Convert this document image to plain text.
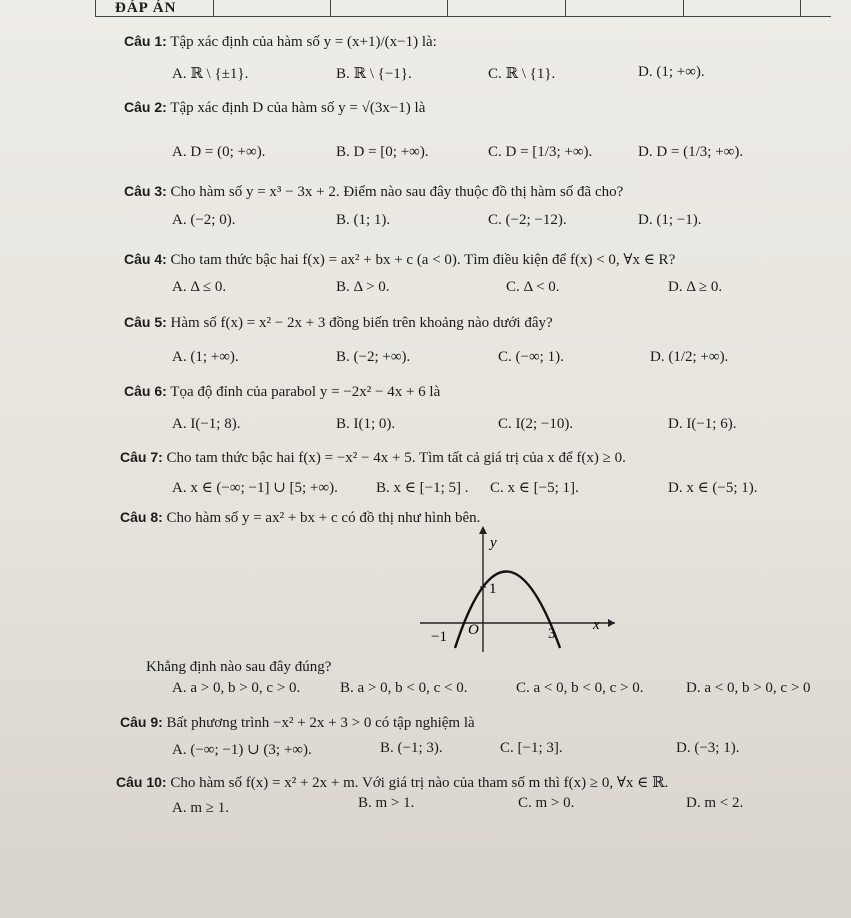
ĐÁP ÁN
Câu 1: Tập xác định của hàm số y = (x+1)/(x−1) là:
A. ℝ \ {±1}.	B. ℝ \ {−1}.	C. ℝ \ {1}.	D. (1; +∞).
Câu 2: Tập xác định D của hàm số y = √(3x−1) là
A. D = (0; +∞).	B. D = [0; +∞).	C. D = [1/3; +∞).	D. D = (1/3; +∞).
Câu 3: Cho hàm số y = x³ − 3x + 2. Điểm nào sau đây thuộc đồ thị hàm số đã cho?
A. (−2; 0).	B. (1; 1).	C. (−2; −12).	D. (1; −1).
Câu 4: Cho tam thức bậc hai f(x) = ax² + bx + c (a < 0). Tìm điều kiện để f(x) < 0, ∀x ∈ R?
A. Δ ≤ 0.	B. Δ > 0.	C. Δ < 0.	D. Δ ≥ 0.
Câu 5: Hàm số f(x) = x² − 2x + 3 đồng biến trên khoảng nào dưới đây?
A. (1; +∞).	B. (−2; +∞).	C. (−∞; 1).	D. (1/2; +∞).
Câu 6: Tọa độ đỉnh của parabol y = −2x² − 4x + 6 là
A. I(−1; 8).	B. I(1; 0).	C. I(2; −10).	D. I(−1; 6).
Câu 7: Cho tam thức bậc hai f(x) = −x² − 4x + 5. Tìm tất cả giá trị của x để f(x) ≥ 0.
A. x ∈ (−∞; −1] ∪ [5; +∞).	B. x ∈ [−1; 5] . C. x ∈ [−5; 1].	D. x ∈ (−5; 1).
Câu 8: Cho hàm số y = ax² + bx + c có đồ thị như hình bên.
y
1
−1 O	3
x
Khẳng định nào sau đây đúng?
A. a > 0, b > 0, c > 0.	B. a > 0, b < 0, c < 0.	C. a < 0, b < 0, c > 0.	D. a < 0, b > 0, c > 0
Câu 9: Bất phương trình −x² + 2x + 3 > 0 có tập nghiệm là
A. (−∞; −1) ∪ (3; +∞).	B. (−1; 3).	C. [−1; 3].	D. (−3; 1).
Câu 10: Cho hàm số f(x) = x² + 2x + m. Với giá trị nào của tham số m thì f(x) ≥ 0, ∀x ∈ ℝ.
A. m ≥ 1.	B. m > 1.	C. m > 0.	D. m < 2.
